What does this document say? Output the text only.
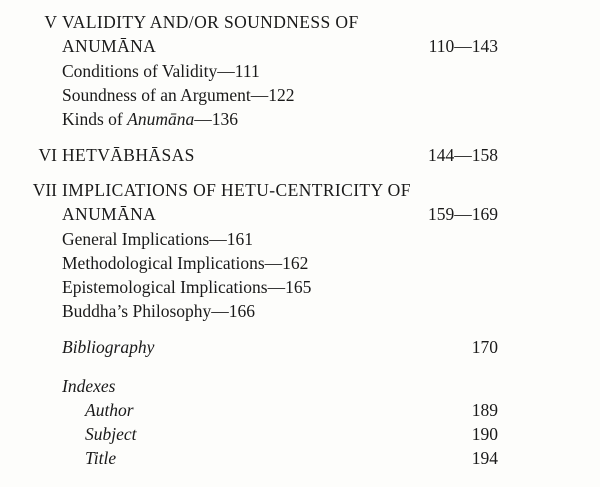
V VALIDITY AND/OR SOUNDNESS OF
ANUMĀNA	110—143
Conditions of Validity—111
Soundness of an Argument—122
Kinds of Anumāna—136
VI HETVĀBHĀSAS	144—158
VII IMPLICATIONS OF HETU-CENTRICITY OF
ANUMĀNA	159—169
General Implications—161
Methodological Implications—162
Epistemological Implications—165
Buddha’s Philosophy—166
Bibliography	170
Indexes
Author	189
Subject	190
Title	194
